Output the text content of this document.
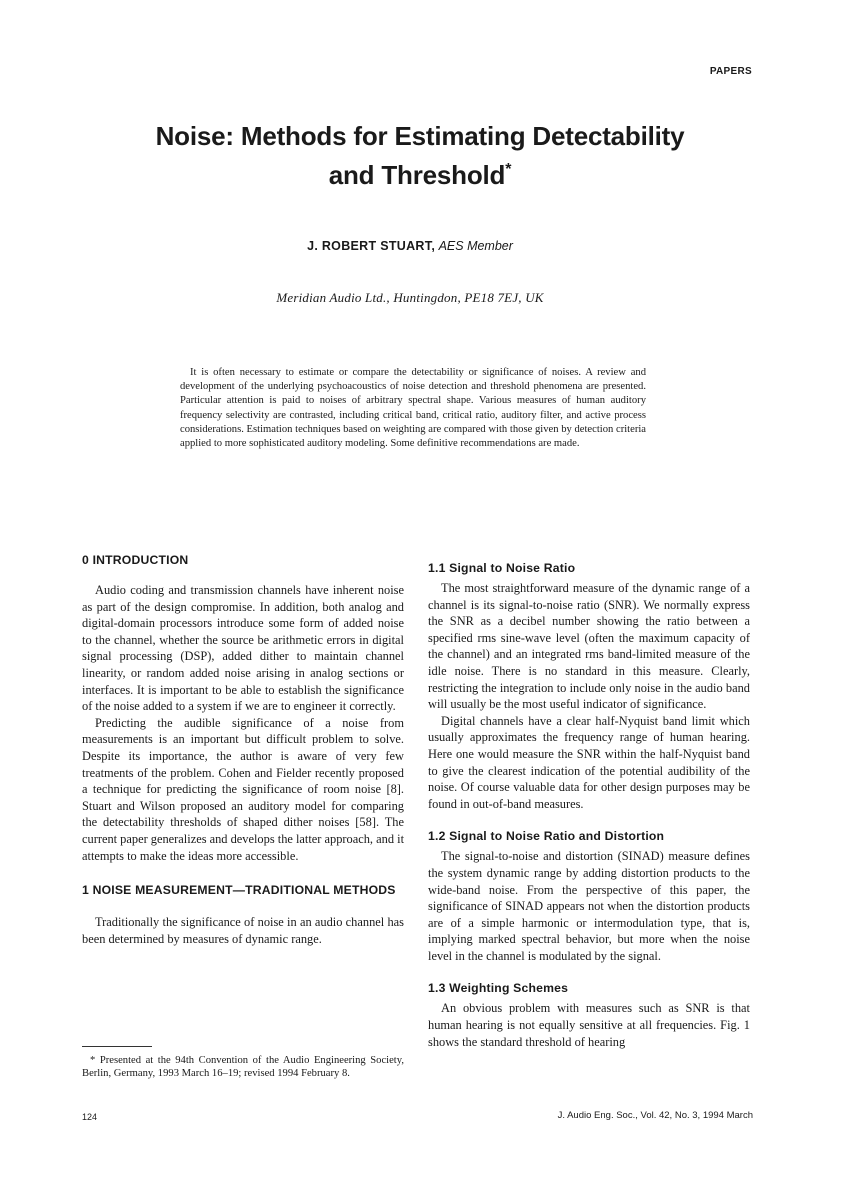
PAPERS
Noise: Methods for Estimating Detectability
and Threshold*
J. ROBERT STUART, AES Member
Meridian Audio Ltd., Huntingdon, PE18 7EJ, UK

It is often necessary to estimate or compare the detectability or significance of noises. A review and development of the underlying psychoacoustics of noise detection and threshold phenomena are presented. Particular attention is paid to noises of arbitrary spectral shape. Various measures of human auditory frequency selectivity are contrasted, including critical band, critical ratio, auditory filter, and active process considerations. Estimation techniques based on weighting are compared with those given by detection criteria applied to more sophisticated auditory modeling. Some definitive recommendations are made.

0 INTRODUCTION

Audio coding and transmission channels have inherent noise as part of the design compromise. In addition, both analog and digital-domain processors introduce some form of added noise to the channel, whether the source be arithmetic errors in digital signal processing (DSP), added dither to maintain channel linearity, or random added noise arising in analog sections or interfaces. It is important to be able to establish the significance of the noise added to a system if we are to engineer it correctly.

Predicting the audible significance of a noise from measurements is an important but difficult problem to solve. Despite its importance, the author is aware of very few treatments of the problem. Cohen and Fielder recently proposed a technique for predicting the significance of room noise [8]. Stuart and Wilson proposed an auditory model for comparing the detectability thresholds of shaped dither noises [58]. The current paper generalizes and develops the latter approach, and it attempts to make the ideas more accessible.

1 NOISE MEASUREMENT—TRADITIONAL METHODS

Traditionally the significance of noise in an audio channel has been determined by measures of dynamic range.

1.1 Signal to Noise Ratio

The most straightforward measure of the dynamic range of a channel is its signal-to-noise ratio (SNR). We normally express the SNR as a decibel number showing the ratio between a specified rms sine-wave level (often the maximum capacity of the channel) and an integrated rms band-limited measure of the idle noise. There is no standard in this measure. Clearly, restricting the integration to include only noise in the audio band will usually be the most useful indicator of significance.

Digital channels have a clear half-Nyquist band limit which usually approximates the frequency range of human hearing. Here one would measure the SNR within the half-Nyquist band to give the clearest indication of the potential audibility of the noise. Of course valuable data for other design purposes may be found in out-of-band measures.

1.2 Signal to Noise Ratio and Distortion

The signal-to-noise and distortion (SINAD) measure defines the system dynamic range by adding distortion products to the wide-band noise. From the perspective of this paper, the significance of SINAD appears not when the distortion products are of a simple harmonic or intermodulation type, that is, implying marked spectral behavior, but more when the noise level in the channel is modulated by the signal.

1.3 Weighting Schemes

An obvious problem with measures such as SNR is that human hearing is not equally sensitive at all frequencies. Fig. 1 shows the standard threshold of hearing

* Presented at the 94th Convention of the Audio Engineering Society, Berlin, Germany, 1993 March 16–19; revised 1994 February 8.

124	J. Audio Eng. Soc., Vol. 42, No. 3, 1994 March
